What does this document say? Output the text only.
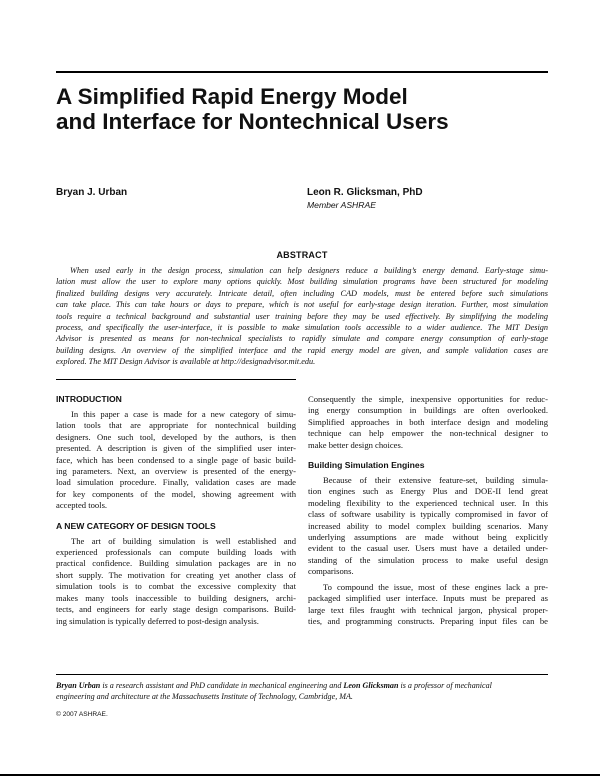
A Simplified Rapid Energy Model
and Interface for Nontechnical Users
Bryan J. Urban	Leon R. Glicksman, PhD
Member ASHRAE
ABSTRACT
When used early in the design process, simulation can help designers reduce a building’s energy demand. Early-stage simu-
lation must allow the user to explore many options quickly. Most building simulation programs have been structured for modeling
finalized building designs very accurately. Intricate detail, often including CAD models, must be entered before such simulations
can take place. This can take hours or days to prepare, which is not useful for early-stage design iteration. Further, most simulation
tools require a technical background and substantial user training before they may be used effectively. By simplifying the modeling
process, and specifically the user-interface, it is possible to make simulation tools accessible to a wider audience. The MIT Design
Advisor is presented as means for non-technical specialists to rapidly simulate and compare energy consumption of early-stage
building designs. An overview of the simplified interface and the rapid energy model are given, and sample validation cases are
explored. The MIT Design Advisor is available at http://designadvisor.mit.edu.
INTRODUCTION
In this paper a case is made for a new category of simu-
lation tools that are appropriate for nontechnical building
designers. One such tool, developed by the authors, is then
presented. A description is given of the simplified user inter-
face, which has been condensed to a single page of basic build-
ing parameters. Next, an overview is presented of the energy-
load simulation procedure. Finally, validation cases are made
for key components of the model, showing agreement with
accepted tools.
A NEW CATEGORY OF DESIGN TOOLS
The art of building simulation is well established and
experienced professionals can compute building loads with
practical confidence. Building simulation packages are in no
short supply. The motivation for creating yet another class of
simulation tools is to combat the excessive complexity that
makes many tools inaccessible to building designers, archi-
tects, and engineers for early stage design comparisons. Build-
ing simulation is typically deferred to post-design analysis.
Consequently the simple, inexpensive opportunities for reduc-
ing energy consumption in buildings are often overlooked.
Simplified approaches in both interface design and modeling
technique can help empower the non-technical designer to
make better design choices.
Building Simulation Engines
Because of their extensive feature-set, building simula-
tion engines such as Energy Plus and DOE-II lend great
modeling flexibility to the experienced technical user. In this
class of software usability is typically compromised in favor of
increased ability to model complex building scenarios. Many
underlying assumptions are made without being explicitly
evident to the casual user. Users must have a detailed under-
standing of the simulation process to make useful design
comparisons.
To compound the issue, most of these engines lack a pre-
packaged simplified user interface. Inputs must be prepared as
large text files fraught with technical jargon, physical proper-
ties, and programming constructs. Preparing input files can be
Bryan Urban is a research assistant and PhD candidate in mechanical engineering and Leon Glicksman is a professor of mechanical
engineering and architecture at the Massachusetts Institute of Technology, Cambridge, MA.
© 2007 ASHRAE.
